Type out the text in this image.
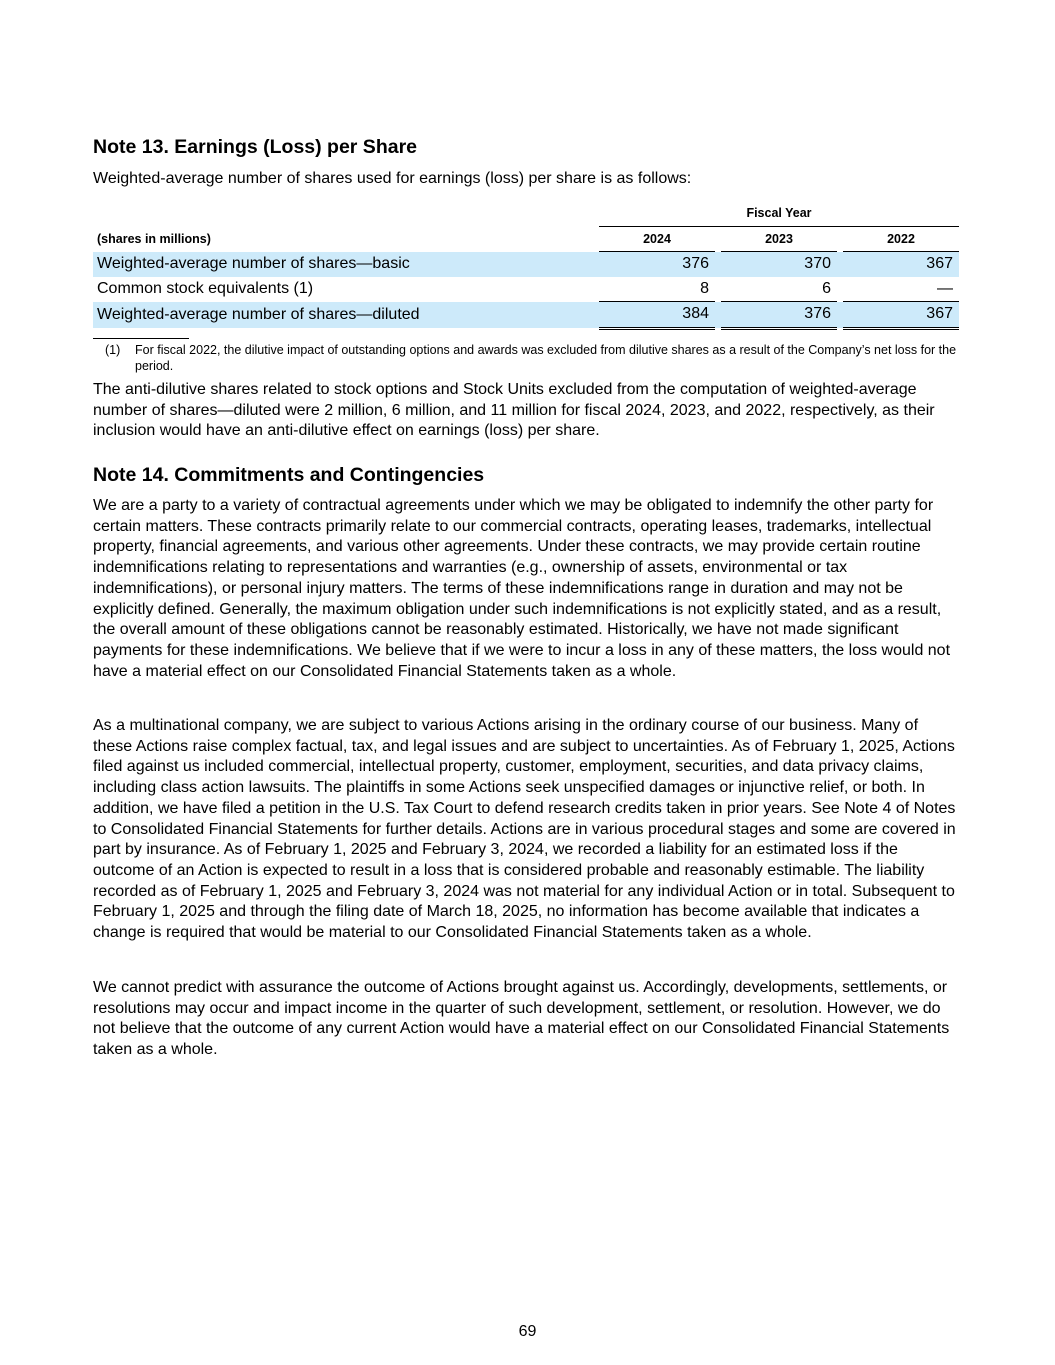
Note 13. Earnings (Loss) per Share

Weighted-average number of shares used for earnings (loss) per share is as follows:

	Fiscal Year				
(shares in millions)	2024		2023		2022
Weighted-average number of shares—basic	376		370		367
Common stock equivalents (1)	8		6		—
Weighted-average number of shares—diluted	384		376		367
(1)	For fiscal 2022, the dilutive impact of outstanding options and awards was excluded from dilutive shares as a result of the Company’s net loss for the period.

The anti-dilutive shares related to stock options and Stock Units excluded from the computation of weighted-average number of shares—diluted were 2 million, 6 million, and 11 million for fiscal 2024, 2023, and 2022, respectively, as their inclusion would have an anti-dilutive effect on earnings (loss) per share.

Note 14. Commitments and Contingencies

We are a party to a variety of contractual agreements under which we may be obligated to indemnify the other party for certain matters. These contracts primarily relate to our commercial contracts, operating leases, trademarks, intellectual property, financial agreements, and various other agreements. Under these contracts, we may provide certain routine indemnifications relating to representations and warranties (e.g., ownership of assets, environmental or tax indemnifications), or personal injury matters. The terms of these indemnifications range in duration and may not be explicitly defined. Generally, the maximum obligation under such indemnifications is not explicitly stated, and as a result, the overall amount of these obligations cannot be reasonably estimated. Historically, we have not made significant payments for these indemnifications. We believe that if we were to incur a loss in any of these matters, the loss would not have a material effect on our Consolidated Financial Statements taken as a whole.

As a multinational company, we are subject to various Actions arising in the ordinary course of our business. Many of these Actions raise complex factual, tax, and legal issues and are subject to uncertainties. As of February 1, 2025, Actions filed against us included commercial, intellectual property, customer, employment, securities, and data privacy claims, including class action lawsuits. The plaintiffs in some Actions seek unspecified damages or injunctive relief, or both. In addition, we have filed a petition in the U.S. Tax Court to defend research credits taken in prior years. See Note 4 of Notes to Consolidated Financial Statements for further details. Actions are in various procedural stages and some are covered in part by insurance. As of February 1, 2025 and February 3, 2024, we recorded a liability for an estimated loss if the outcome of an Action is expected to result in a loss that is considered probable and reasonably estimable. The liability recorded as of February 1, 2025 and February 3, 2024 was not material for any individual Action or in total. Subsequent to February 1, 2025 and through the filing date of March 18, 2025, no information has become available that indicates a change is required that would be material to our Consolidated Financial Statements taken as a whole.

We cannot predict with assurance the outcome of Actions brought against us. Accordingly, developments, settlements, or resolutions may occur and impact income in the quarter of such development, settlement, or resolution. However, we do not believe that the outcome of any current Action would have a material effect on our Consolidated Financial Statements taken as a whole.

69
